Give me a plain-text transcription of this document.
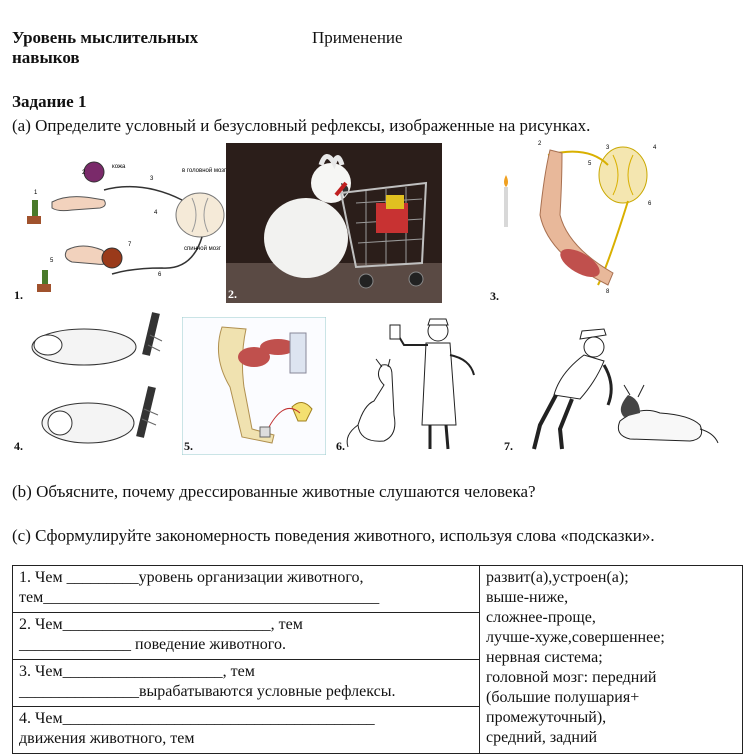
Уровень мыслительных
навыков
Применение
Задание 1
(a) Определите условный и безусловный рефлексы, изображенные на рисунках.
кожа
в головной мозг
спинной мозг
1
2
3
4
5
6
7
1.	2.
2
3	4
5
6
8
3.
4.	5.	6.	7.
(b) Объясните, почему дрессированные животные слушаются человека?
(c) Сформулируйте закономерность поведения животного, используя слова «подсказки».
1. Чем _________уровень организации животного,
тем__________________________________________
2. Чем__________________________, тем
______________ поведение животного.
3. Чем____________________, тем
_______________вырабатываются условные рефлексы.
4. Чем_______________________________________
движения животного, тем

развит(а),устроен(а);
выше-ниже,
сложнее-проще,
лучше-хуже,совершеннее;
нервная система;
головной мозг: передний
(большие полушария+
промежуточный),
средний, задний
